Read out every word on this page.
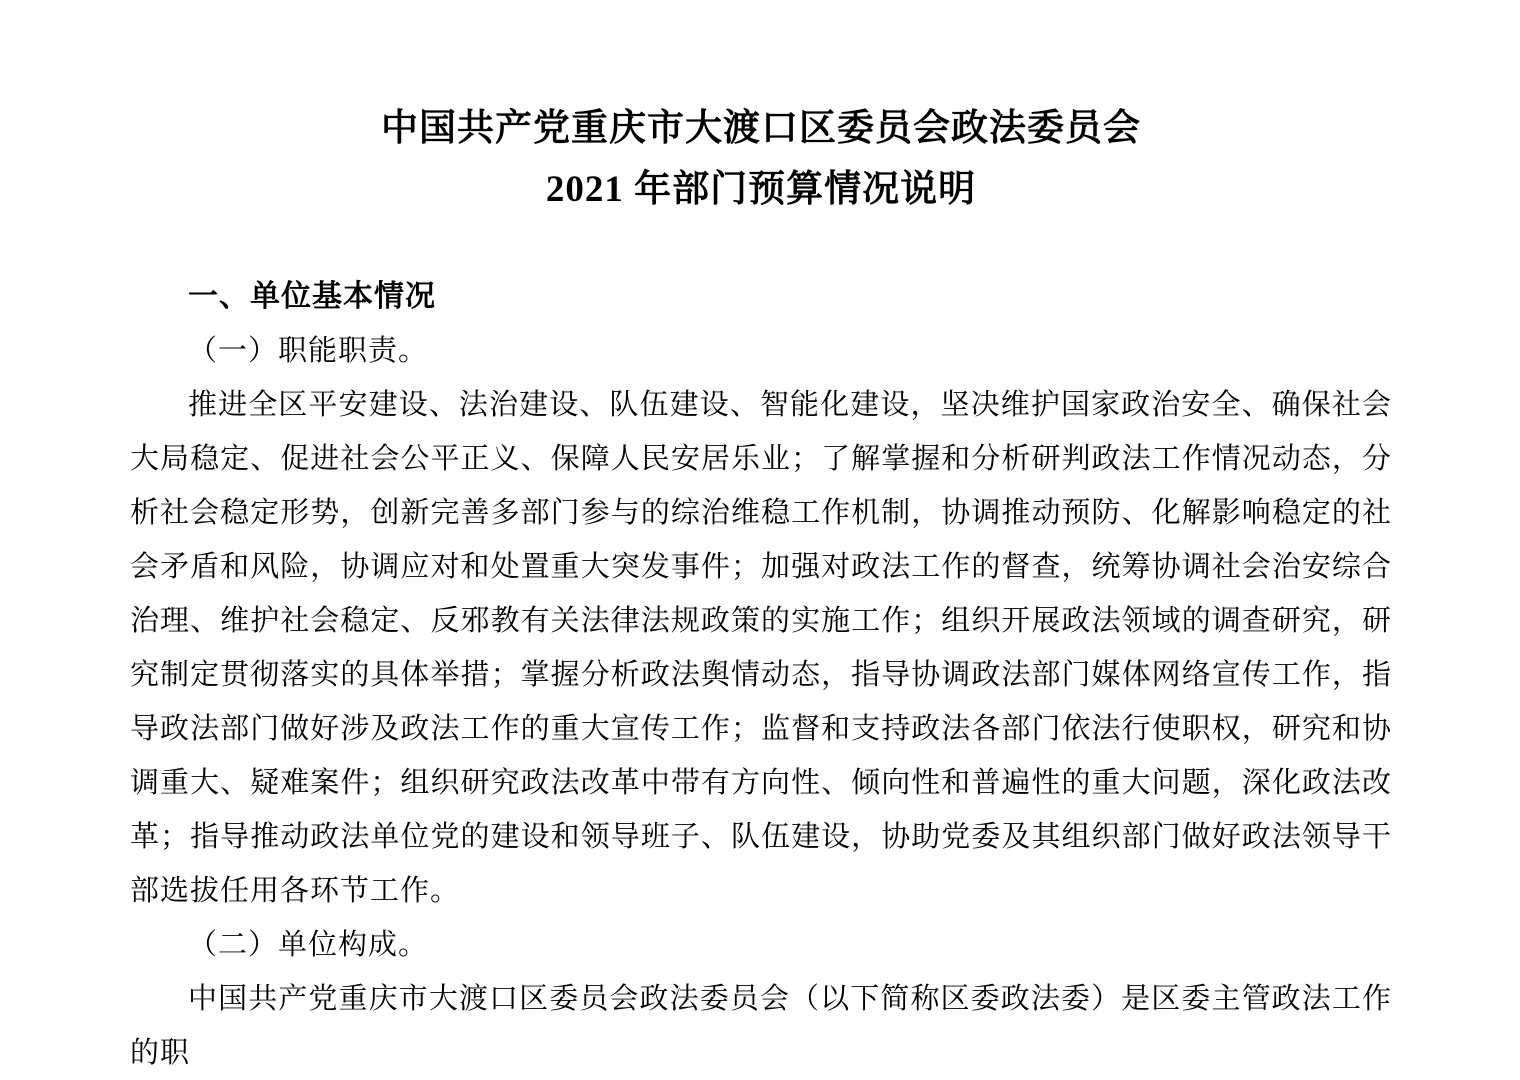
中国共产党重庆市大渡口区委员会政法委员会
2021 年部门预算情况说明
一、单位基本情况

（一）职能职责。

推进全区平安建设、法治建设、队伍建设、智能化建设，坚决维护国家政治安全、确保社会大局稳定、促进社会公平正义、保障人民安居乐业；了解掌握和分析研判政法工作情况动态，分析社会稳定形势，创新完善多部门参与的综治维稳工作机制，协调推动预防、化解影响稳定的社会矛盾和风险，协调应对和处置重大突发事件；加强对政法工作的督查，统筹协调社会治安综合治理、维护社会稳定、反邪教有关法律法规政策的实施工作；组织开展政法领域的调查研究，研究制定贯彻落实的具体举措；掌握分析政法舆情动态，指导协调政法部门媒体网络宣传工作，指导政法部门做好涉及政法工作的重大宣传工作；监督和支持政法各部门依法行使职权，研究和协调重大、疑难案件；组织研究政法改革中带有方向性、倾向性和普遍性的重大问题，深化政法改革；指导推动政法单位党的建设和领导班子、队伍建设，协助党委及其组织部门做好政法领导干部选拔任用各环节工作。

（二）单位构成。

中国共产党重庆市大渡口区委员会政法委员会（以下简称区委政法委）是区委主管政法工作的职
